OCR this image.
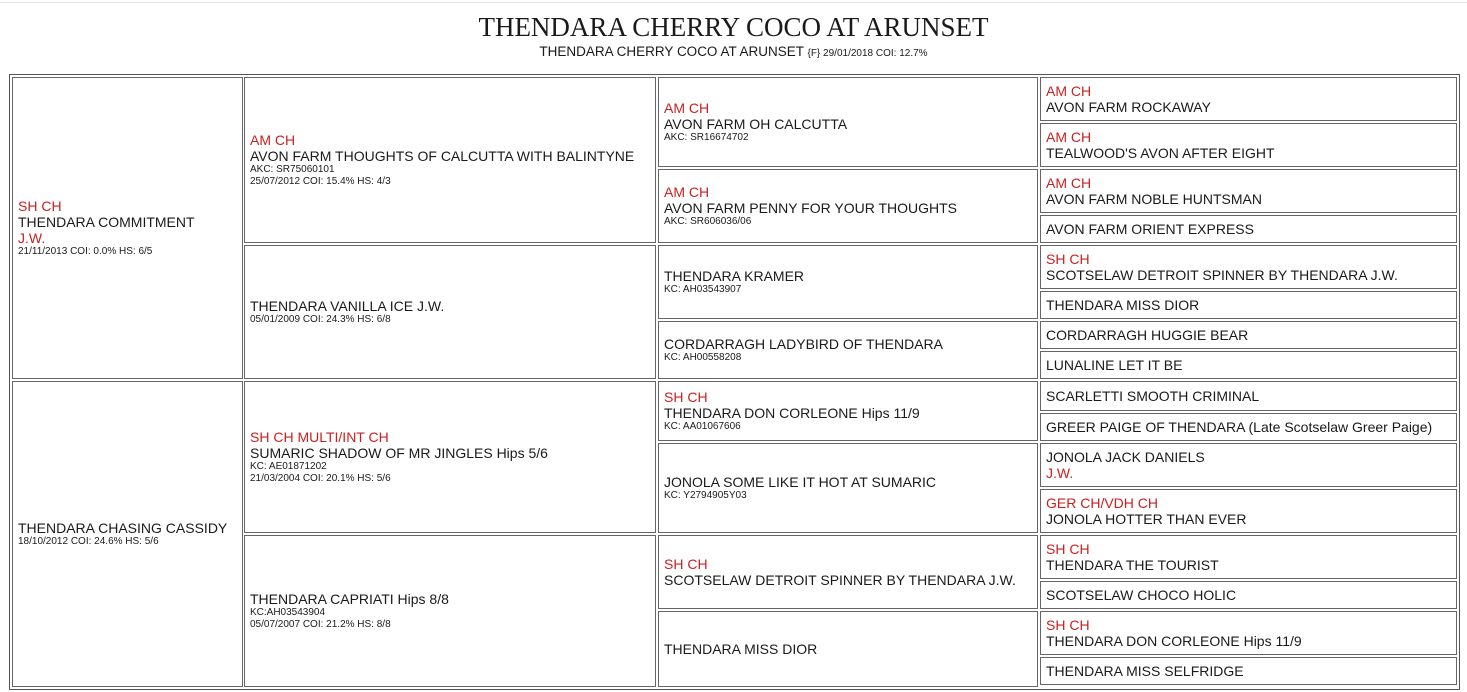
THENDARA CHERRY COCO AT ARUNSET
THENDARA CHERRY COCO AT ARUNSET {F} 29/01/2018 COI: 12.7%
SH CH
THENDARA COMMITMENT
J.W.
21/11/2013 COI: 0.0% HS: 6/5
THENDARA CHASING CASSIDY
18/10/2012 COI: 24.6% HS: 5/6
AM CH
AVON FARM THOUGHTS OF CALCUTTA WITH BALINTYNE
AKC: SR75060101
25/07/2012 COI: 15.4% HS: 4/3
THENDARA VANILLA ICE J.W.
05/01/2009 COI: 24.3% HS: 6/8
SH CH MULTI/INT CH
SUMARIC SHADOW OF MR JINGLES Hips 5/6
KC: AE01871202
21/03/2004 COI: 20.1% HS: 5/6
THENDARA CAPRIATI Hips 8/8
KC:AH03543904
05/07/2007 COI: 21.2% HS: 8/8
AM CH
AVON FARM OH CALCUTTA
AKC: SR16674702
AM CH
AVON FARM PENNY FOR YOUR THOUGHTS
AKC: SR606036/06
THENDARA KRAMER
KC: AH03543907
CORDARRAGH LADYBIRD OF THENDARA
KC: AH00558208
SH CH
THENDARA DON CORLEONE Hips 11/9
KC: AA01067606
JONOLA SOME LIKE IT HOT AT SUMARIC
KC: Y2794905Y03
SH CH
SCOTSELAW DETROIT SPINNER BY THENDARA J.W.
THENDARA MISS DIOR
AM CH
AVON FARM ROCKAWAY
AM CH
TEALWOOD'S AVON AFTER EIGHT
AM CH
AVON FARM NOBLE HUNTSMAN
AVON FARM ORIENT EXPRESS
SH CH
SCOTSELAW DETROIT SPINNER BY THENDARA J.W.
THENDARA MISS DIOR
CORDARRAGH HUGGIE BEAR
LUNALINE LET IT BE
SCARLETTI SMOOTH CRIMINAL
GREER PAIGE OF THENDARA (Late Scotselaw Greer Paige)
JONOLA JACK DANIELS
J.W.
GER CH/VDH CH
JONOLA HOTTER THAN EVER
SH CH
THENDARA THE TOURIST
SCOTSELAW CHOCO HOLIC
SH CH
THENDARA DON CORLEONE Hips 11/9
THENDARA MISS SELFRIDGE
